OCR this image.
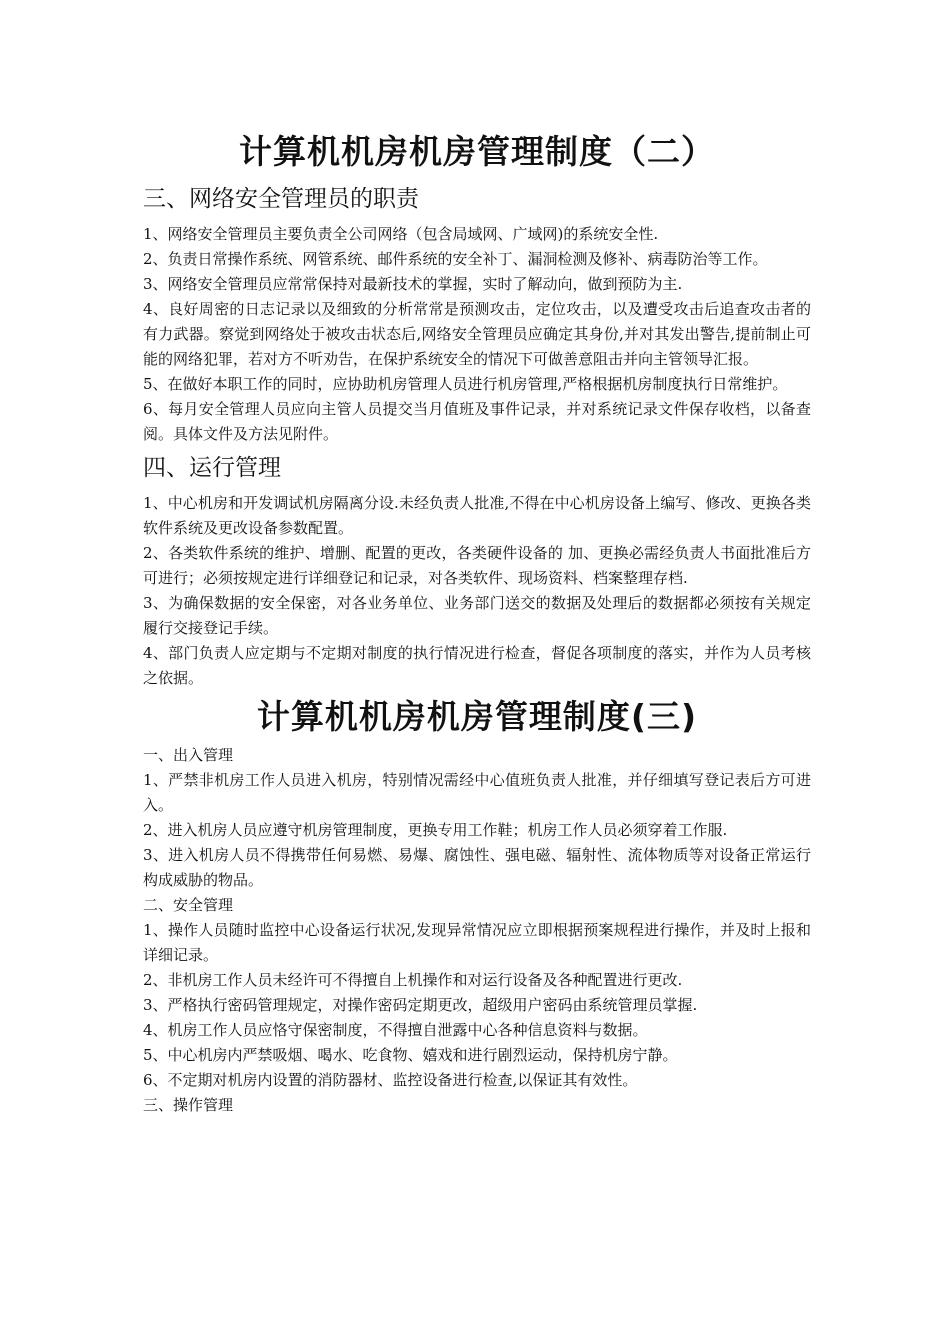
计算机机房机房管理制度（二）
三、网络安全管理员的职责

1、网络安全管理员主要负责全公司网络（包含局域网、广域网)的系统安全性.

2、负责日常操作系统、网管系统、邮件系统的安全补丁、漏洞检测及修补、病毒防治等工作。

3、网络安全管理员应常常保持对最新技术的掌握，实时了解动向，做到预防为主.

4、良好周密的日志记录以及细致的分析常常是预测攻击，定位攻击，以及遭受攻击后追查攻击者的有力武器。察觉到网络处于被攻击状态后,网络安全管理员应确定其身份,并对其发出警告,提前制止可能的网络犯罪，若对方不听劝告，在保护系统安全的情况下可做善意阻击并向主管领导汇报。

5、在做好本职工作的同时，应协助机房管理人员进行机房管理,严格根据机房制度执行日常维护。

6、每月安全管理人员应向主管人员提交当月值班及事件记录，并对系统记录文件保存收档，以备查阅。具体文件及方法见附件。

四、运行管理

1、中心机房和开发调试机房隔离分设.未经负责人批准,不得在中心机房设备上编写、修改、更换各类软件系统及更改设备参数配置。

2、各类软件系统的维护、增删、配置的更改，各类硬件设备的 加、更换必需经负责人书面批准后方可进行；必须按规定进行详细登记和记录，对各类软件、现场资料、档案整理存档.

3、为确保数据的安全保密，对各业务单位、业务部门送交的数据及处理后的数据都必须按有关规定履行交接登记手续。

4、部门负责人应定期与不定期对制度的执行情况进行检查，督促各项制度的落实，并作为人员考核之依据。

计算机机房机房管理制度(三)

一、出入管理

1、严禁非机房工作人员进入机房，特别情况需经中心值班负责人批准，并仔细填写登记表后方可进入。

2、进入机房人员应遵守机房管理制度，更换专用工作鞋；机房工作人员必须穿着工作服.

3、进入机房人员不得携带任何易燃、易爆、腐蚀性、强电磁、辐射性、流体物质等对设备正常运行构成威胁的物品。

二、安全管理

1、操作人员随时监控中心设备运行状况,发现异常情况应立即根据预案规程进行操作，并及时上报和详细记录。

2、非机房工作人员未经许可不得擅自上机操作和对运行设备及各种配置进行更改.

3、严格执行密码管理规定，对操作密码定期更改，超级用户密码由系统管理员掌握.

4、机房工作人员应恪守保密制度，不得擅自泄露中心各种信息资料与数据。

5、中心机房内严禁吸烟、喝水、吃食物、嬉戏和进行剧烈运动，保持机房宁静。

6、不定期对机房内设置的消防器材、监控设备进行检查,以保证其有效性。

三、操作管理
